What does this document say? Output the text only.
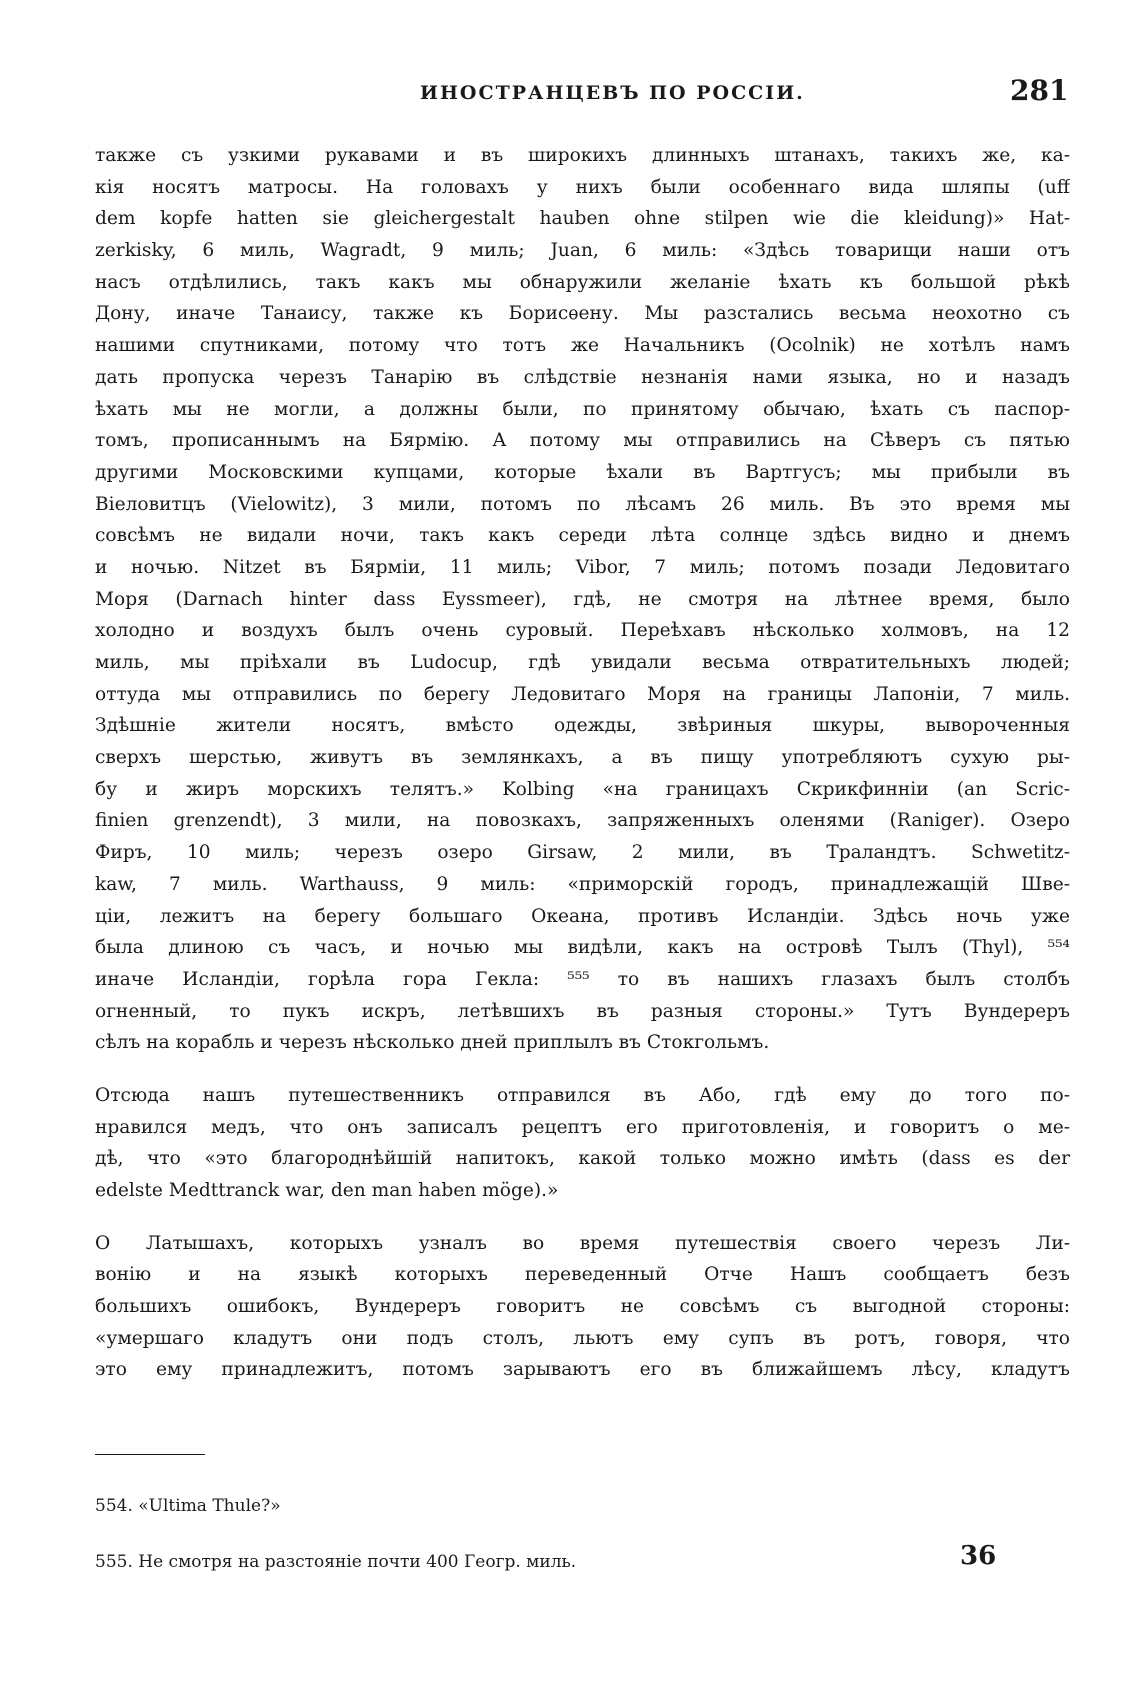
ИНОСТРАНЦЕВЪ ПО РОССІИ.	281
также съ узкими рукавами и въ широкихъ длинныхъ штанахъ, такихъ же, ка-
кія носятъ матросы. На головахъ у нихъ были особеннаго вида шляпы (uff
dem kopfe hatten sie gleichergestalt hauben ohne stilpen wie die kleidung)» Hat-
zerkisky, 6 миль, Wagradt, 9 миль; Juan, 6 миль: «Здѣсь товарищи наши отъ
насъ отдѣлились, такъ какъ мы обнаружили желаніе ѣхать къ большой рѣкѣ
Дону, иначе Танаису, также къ Борисѳену. Мы разстались весьма неохотно съ
нашими спутниками, потому что тотъ же Начальникъ (Ocolnik) не хотѣлъ намъ
дать пропуска черезъ Танарію въ слѣдствіе незнанія нами языка, но и назадъ
ѣхать мы не могли, а должны были, по принятому обычаю, ѣхать съ паспор-
томъ, прописаннымъ на Бярмію. А потому мы отправились на Сѣверъ съ пятью
другими Московскими купцами, которые ѣхали въ Вартгусъ; мы прибыли въ
Віеловитцъ (Vielowitz), 3 мили, потомъ по лѣсамъ 26 миль. Въ это время мы
совсѣмъ не видали ночи, такъ какъ середи лѣта солнце здѣсь видно и днемъ
и ночью. Nitzet въ Бярміи, 11 миль; Vibor, 7 миль; потомъ позади Ледовитаго
Моря (Darnach hinter dass Eyssmeer), гдѣ, не смотря на лѣтнее время, было
холодно и воздухъ былъ очень суровый. Переѣхавъ нѣсколько холмовъ, на 12
миль, мы пріѣхали въ Ludocup, гдѣ увидали весьма отвратительныхъ людей;
оттуда мы отправились по берегу Ледовитаго Моря на границы Лапоніи, 7 миль.
Здѣшніе жители носятъ, вмѣсто одежды, звѣриныя шкуры, вывороченныя
сверхъ шерстью, живутъ въ землянкахъ, а въ пищу употребляютъ сухую ры-
бу и жиръ морскихъ телятъ.» Kolbing «на границахъ Скрикфинніи (an Scric-
finien grenzendt), 3 мили, на повозкахъ, запряженныхъ оленями (Raniger). Озеро
Фиръ, 10 миль; черезъ озеро Girsaw, 2 мили, въ Траландтъ. Schwetitz-
kaw, 7 миль. Warthauss, 9 миль: «приморскій городъ, принадлежащій Шве-
ціи, лежитъ на берегу большаго Океана, противъ Исландіи. Здѣсь ночь уже
была длиною съ часъ, и ночью мы видѣли, какъ на островѣ Тылъ (Thyl), ⁵⁵⁴
иначе Исландіи, горѣла гора Гекла: ⁵⁵⁵ то въ нашихъ глазахъ былъ столбъ
огненный, то пукъ искръ, летѣвшихъ въ разныя стороны.» Тутъ Вундереръ
сѣлъ на корабль и черезъ нѣсколько дней приплылъ въ Стокгольмъ.
Отсюда нашъ путешественникъ отправился въ Або, гдѣ ему до того по-
нравился медъ, что онъ записалъ рецептъ его приготовленія, и говоритъ о ме-
дѣ, что «это благороднѣйшій напитокъ, какой только можно имѣть (dass es der
edelste Medttranck war, den man haben möge).»
О Латышахъ, которыхъ узналъ во время путешествія своего черезъ Ли-
вонію и на языкѣ которыхъ переведенный Отче Нашъ сообщаетъ безъ
большихъ ошибокъ, Вундереръ говоритъ не совсѣмъ съ выгодной стороны:
«умершаго кладутъ они подъ столъ, льютъ ему супъ въ ротъ, говоря, что
это ему принадлежитъ, потомъ зарываютъ его въ ближайшемъ лѣсу, кладутъ
554. «Ultima Thule?»
555. Не смотря на разстояніе почти 400 Геогр. миль.	36
